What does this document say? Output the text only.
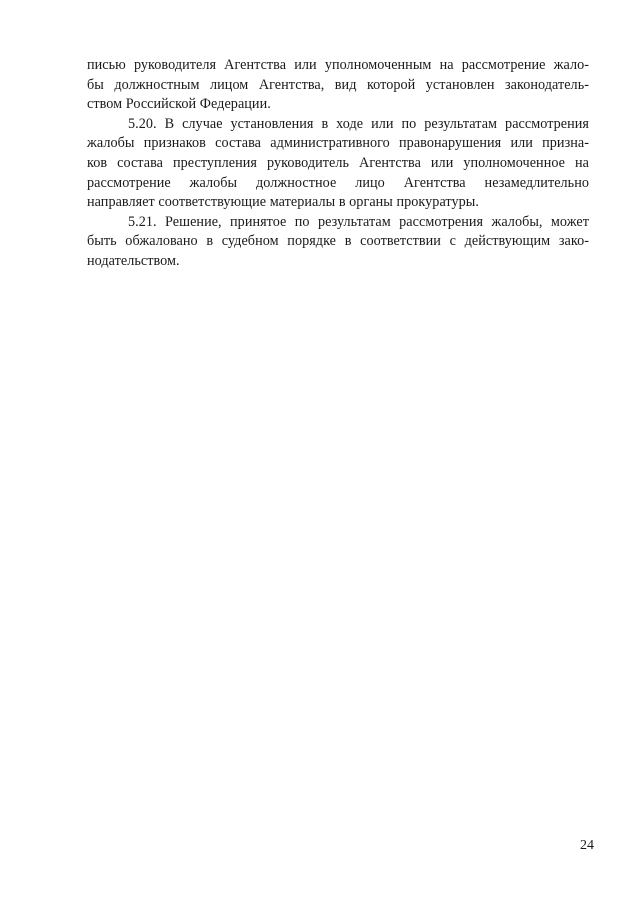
писью руководителя Агентства или уполномоченным на рассмотрение жало-
бы должностным лицом Агентства, вид которой установлен законодатель-
ством Российской Федерации.
5.20. В случае установления в ходе или по результатам рассмотрения
жалобы признаков состава административного правонарушения или призна-
ков состава преступления руководитель Агентства или уполномоченное на
рассмотрение жалобы должностное лицо Агентства незамедлительно
направляет соответствующие материалы в органы прокуратуры.
5.21. Решение, принятое по результатам рассмотрения жалобы, может
быть обжаловано в судебном порядке в соответствии с действующим зако-
нодательством.
24
